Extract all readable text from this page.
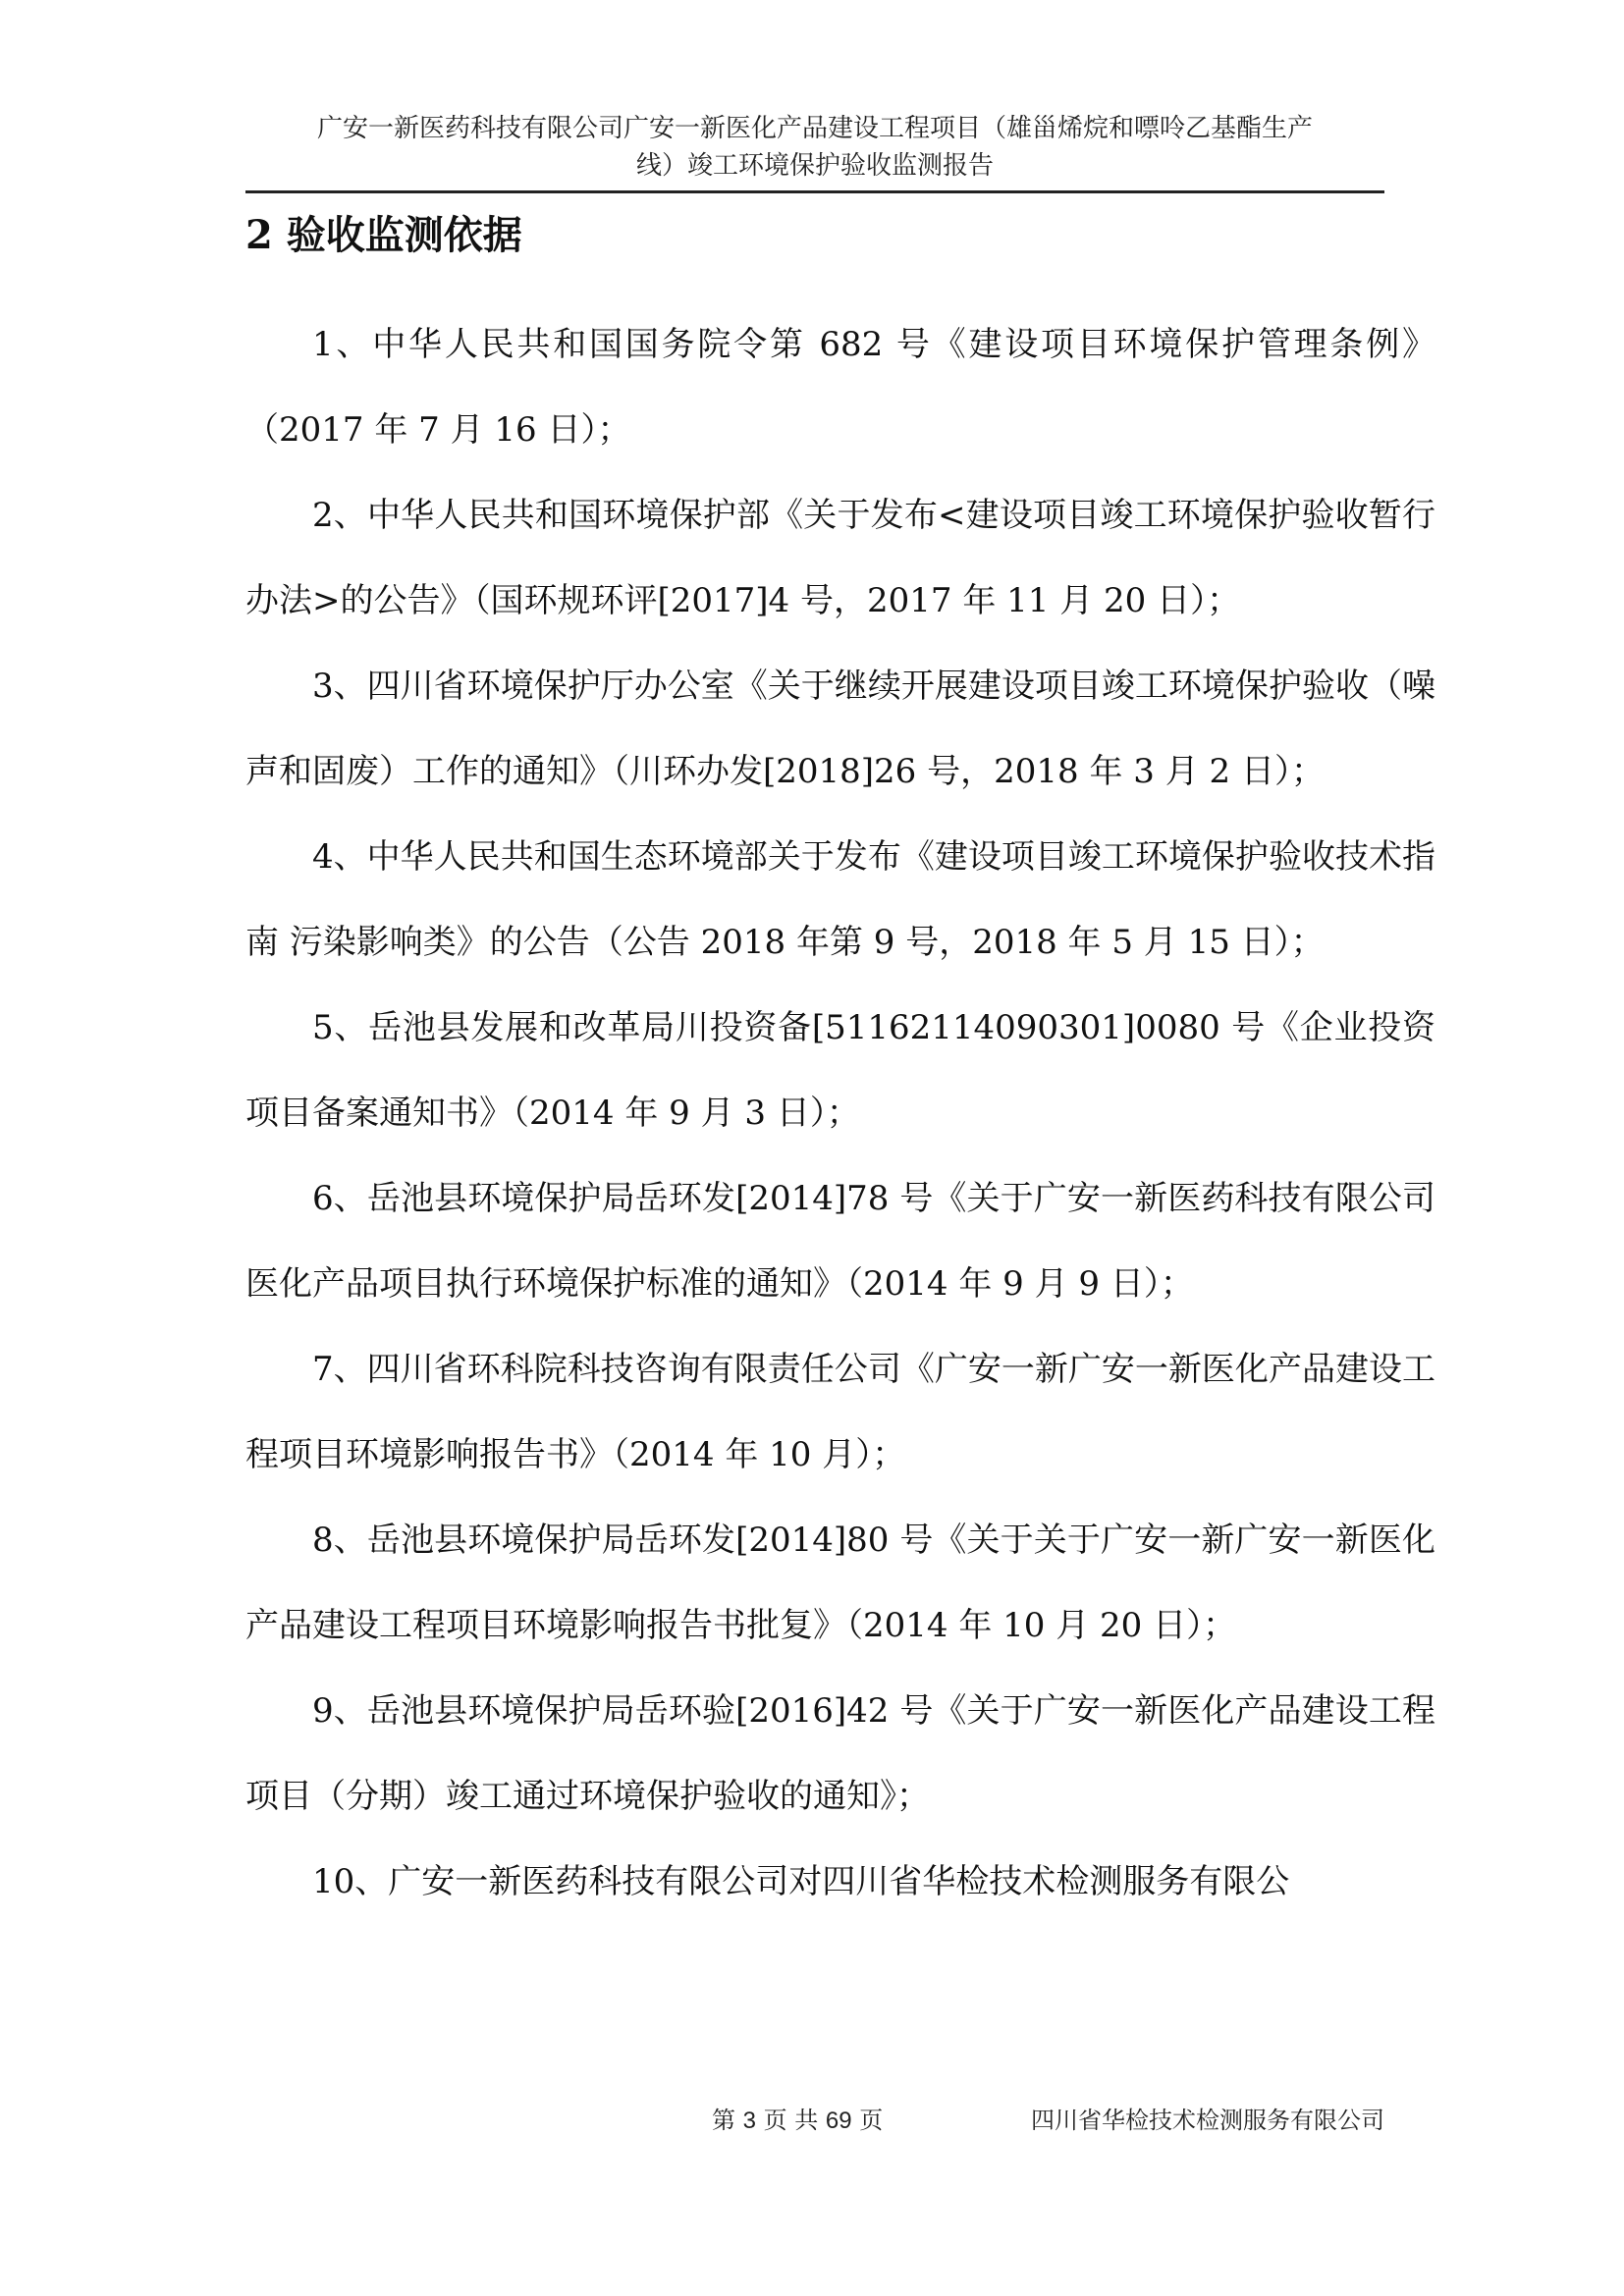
广安一新医药科技有限公司广安一新医化产品建设工程项目（雄甾烯烷和嘌呤乙基酯生产
线）竣工环境保护验收监测报告
2 验收监测依据

1、中华人民共和国国务院令第 682 号《建设项目环境保护管理条例》（2017 年 7 月 16 日）；

2、中华人民共和国环境保护部《关于发布<建设项目竣工环境保护验收暂行办法>的公告》（国环规环评[2017]4 号，2017 年 11 月 20 日）；

3、四川省环境保护厅办公室《关于继续开展建设项目竣工环境保护验收（噪声和固废）工作的通知》（川环办发[2018]26 号，2018 年 3 月 2 日）；

4、中华人民共和国生态环境部关于发布《建设项目竣工环境保护验收技术指南 污染影响类》的公告（公告 2018 年第 9 号，2018 年 5 月 15 日）；

5、岳池县发展和改革局川投资备[51162114090301]0080 号《企业投资项目备案通知书》（2014 年 9 月 3 日）；

6、岳池县环境保护局岳环发[2014]78 号《关于广安一新医药科技有限公司医化产品项目执行环境保护标准的通知》（2014 年 9 月 9 日）；

7、四川省环科院科技咨询有限责任公司《广安一新广安一新医化产品建设工程项目环境影响报告书》（2014 年 10 月）；

8、岳池县环境保护局岳环发[2014]80 号《关于关于广安一新广安一新医化产品建设工程项目环境影响报告书批复》（2014 年 10 月 20 日）；

9、岳池县环境保护局岳环验[2016]42 号《关于广安一新医化产品建设工程项目（分期）竣工通过环境保护验收的通知》；

10、广安一新医药科技有限公司对四川省华检技术检测服务有限公

第 3 页 共 69 页	四川省华检技术检测服务有限公司
